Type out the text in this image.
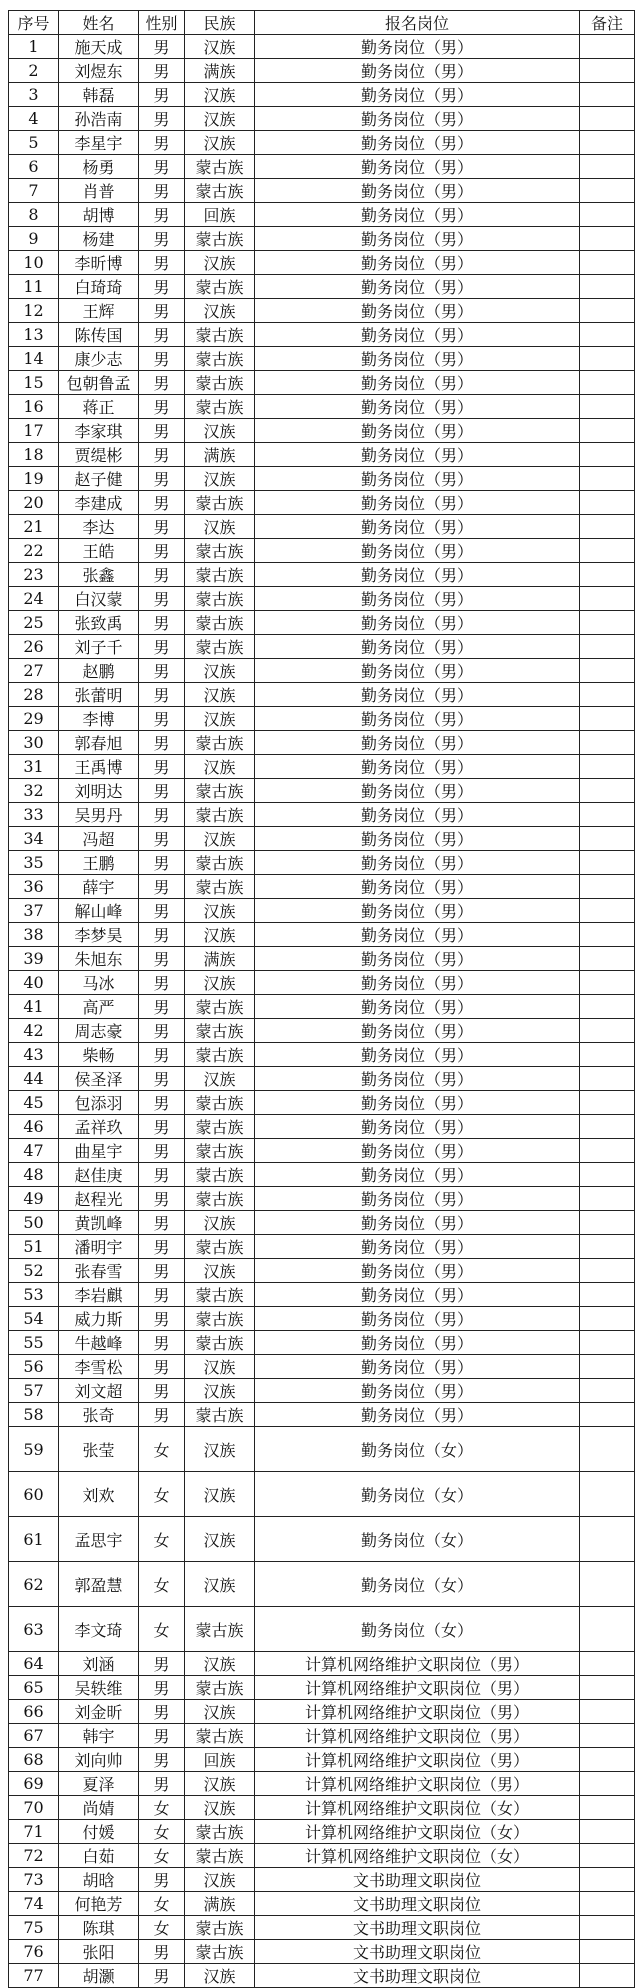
序号	姓名	性别	民族	报名岗位	备注
1	施天成	男	汉族	勤务岗位（男）	
2	刘煜东	男	满族	勤务岗位（男）	
3	韩磊	男	汉族	勤务岗位（男）	
4	孙浩南	男	汉族	勤务岗位（男）	
5	李星宇	男	汉族	勤务岗位（男）	
6	杨勇	男	蒙古族	勤务岗位（男）	
7	肖普	男	蒙古族	勤务岗位（男）	
8	胡博	男	回族	勤务岗位（男）	
9	杨建	男	蒙古族	勤务岗位（男）	
10	李昕博	男	汉族	勤务岗位（男）	
11	白琦琦	男	蒙古族	勤务岗位（男）	
12	王辉	男	汉族	勤务岗位（男）	
13	陈传国	男	蒙古族	勤务岗位（男）	
14	康少志	男	蒙古族	勤务岗位（男）	
15	包朝鲁孟	男	蒙古族	勤务岗位（男）	
16	蒋正	男	蒙古族	勤务岗位（男）	
17	李家琪	男	汉族	勤务岗位（男）	
18	贾缇彬	男	满族	勤务岗位（男）	
19	赵子健	男	汉族	勤务岗位（男）	
20	李建成	男	蒙古族	勤务岗位（男）	
21	李达	男	汉族	勤务岗位（男）	
22	王皓	男	蒙古族	勤务岗位（男）	
23	张鑫	男	蒙古族	勤务岗位（男）	
24	白汉蒙	男	蒙古族	勤务岗位（男）	
25	张致禹	男	蒙古族	勤务岗位（男）	
26	刘子千	男	蒙古族	勤务岗位（男）	
27	赵鹏	男	汉族	勤务岗位（男）	
28	张蕾明	男	汉族	勤务岗位（男）	
29	李博	男	汉族	勤务岗位（男）	
30	郭春旭	男	蒙古族	勤务岗位（男）	
31	王禹博	男	汉族	勤务岗位（男）	
32	刘明达	男	蒙古族	勤务岗位（男）	
33	吴男丹	男	蒙古族	勤务岗位（男）	
34	冯超	男	汉族	勤务岗位（男）	
35	王鹏	男	蒙古族	勤务岗位（男）	
36	薛宇	男	蒙古族	勤务岗位（男）	
37	解山峰	男	汉族	勤务岗位（男）	
38	李梦昊	男	汉族	勤务岗位（男）	
39	朱旭东	男	满族	勤务岗位（男）	
40	马冰	男	汉族	勤务岗位（男）	
41	高严	男	蒙古族	勤务岗位（男）	
42	周志豪	男	蒙古族	勤务岗位（男）	
43	柴畅	男	蒙古族	勤务岗位（男）	
44	侯圣泽	男	汉族	勤务岗位（男）	
45	包添羽	男	蒙古族	勤务岗位（男）	
46	孟祥玖	男	蒙古族	勤务岗位（男）	
47	曲星宇	男	蒙古族	勤务岗位（男）	
48	赵佳庚	男	蒙古族	勤务岗位（男）	
49	赵程光	男	蒙古族	勤务岗位（男）	
50	黄凯峰	男	汉族	勤务岗位（男）	
51	潘明宇	男	蒙古族	勤务岗位（男）	
52	张春雪	男	汉族	勤务岗位（男）	
53	李岩麒	男	蒙古族	勤务岗位（男）	
54	威力斯	男	蒙古族	勤务岗位（男）	
55	牛越峰	男	蒙古族	勤务岗位（男）	
56	李雪松	男	汉族	勤务岗位（男）	
57	刘文超	男	汉族	勤务岗位（男）	
58	张奇	男	蒙古族	勤务岗位（男）	
59	张莹	女	汉族	勤务岗位（女）	
60	刘欢	女	汉族	勤务岗位（女）	
61	孟思宇	女	汉族	勤务岗位（女）	
62	郭盈慧	女	汉族	勤务岗位（女）	
63	李文琦	女	蒙古族	勤务岗位（女）	
64	刘涵	男	汉族	计算机网络维护文职岗位（男）	
65	吴轶维	男	蒙古族	计算机网络维护文职岗位（男）	
66	刘金昕	男	汉族	计算机网络维护文职岗位（男）	
67	韩宇	男	蒙古族	计算机网络维护文职岗位（男）	
68	刘向帅	男	回族	计算机网络维护文职岗位（男）	
69	夏泽	男	汉族	计算机网络维护文职岗位（男）	
70	尚婧	女	汉族	计算机网络维护文职岗位（女）	
71	付媛	女	蒙古族	计算机网络维护文职岗位（女）	
72	白茹	女	蒙古族	计算机网络维护文职岗位（女）	
73	胡晗	男	汉族	文书助理文职岗位	
74	何艳芳	女	满族	文书助理文职岗位	
75	陈琪	女	蒙古族	文书助理文职岗位	
76	张阳	男	蒙古族	文书助理文职岗位	
77	胡灏	男	汉族	文书助理文职岗位	
